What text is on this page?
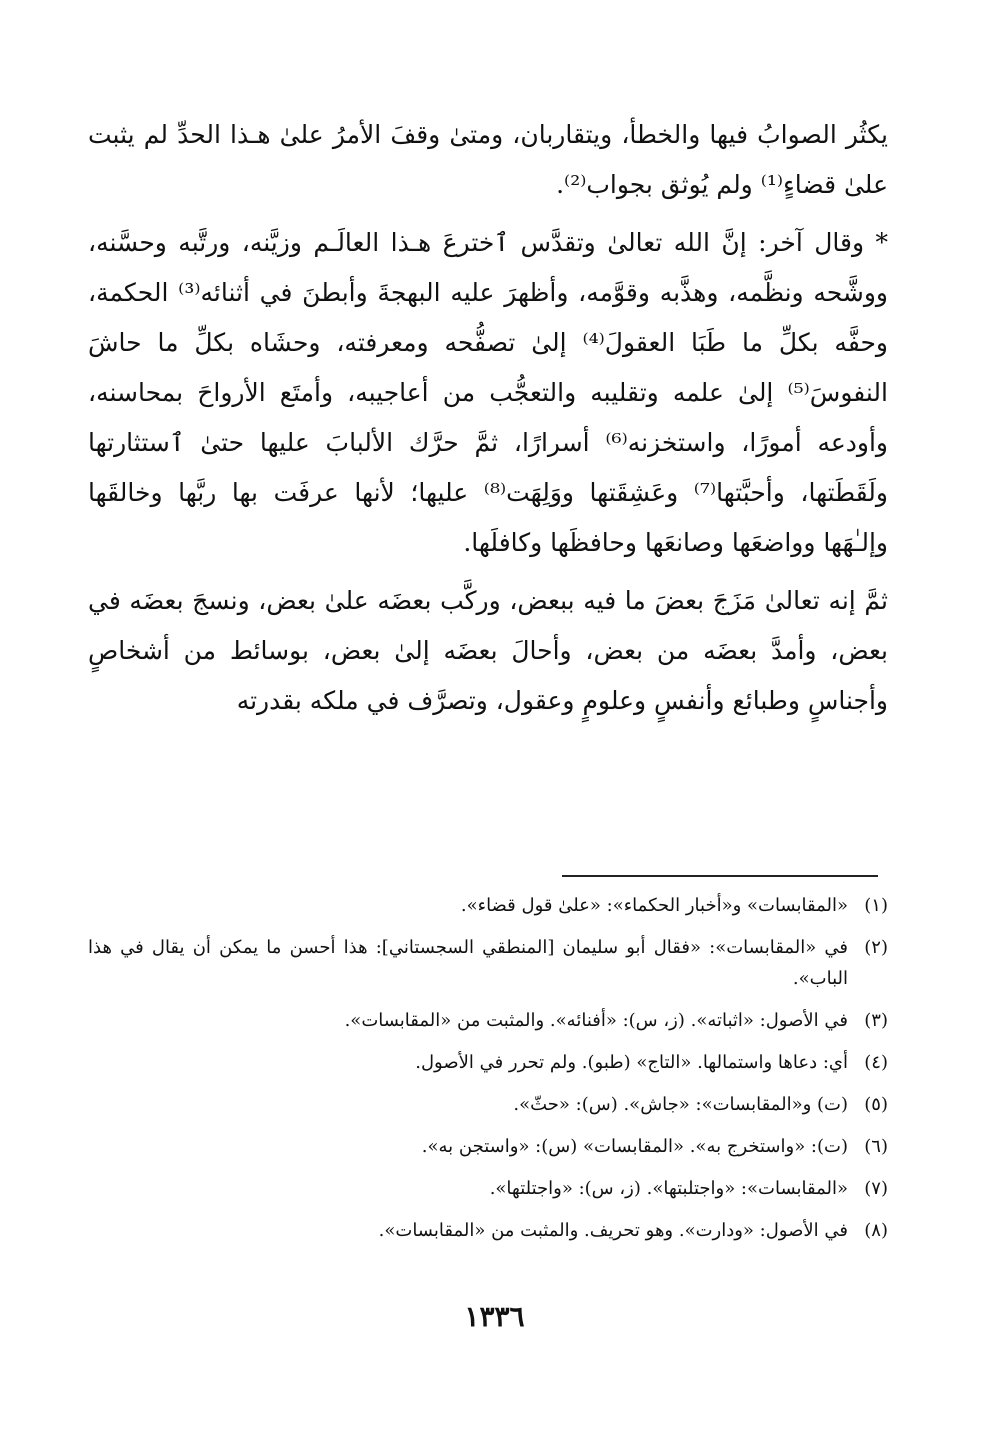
يكثُر الصوابُ فيها والخطأ، ويتقاربان، ومتىٰ وقفَ الأمرُ علىٰ هـذا الحدِّ لم يثبت علىٰ قضاءٍ⁽¹⁾ ولم يُوثق بجواب⁽²⁾.

* وقال آخر: إنَّ الله تعالىٰ وتقدَّس ٱخترعَ هـذا العالَـم وزيَّنه، ورتَّبه وحسَّنه، ووشَّحه ونظَّمه، وهذَّبه وقوَّمه، وأظهرَ عليه البهجةَ وأبطنَ في أثنائه⁽³⁾ الحكمة، وحفَّه بكلِّ ما طَبَا العقولَ⁽⁴⁾ إلىٰ تصفُّحه ومعرفته، وحشَاه بكلِّ ما حاشَ النفوسَ⁽⁵⁾ إلىٰ علمه وتقليبه والتعجُّب من أعاجيبه، وأمتَع الأرواحَ بمحاسنه، وأودعه أمورًا، واستخزنه⁽⁶⁾ أسرارًا، ثمَّ حرَّك الألبابَ عليها حتىٰ ٱستثارتها ولَقَطَتها، وأحبَّتها⁽⁷⁾ وعَشِقَتها ووَلِهَت⁽⁸⁾ عليها؛ لأنها عرفَت بها ربَّها وخالقَها وإلـٰهَها وواضعَها وصانعَها وحافظَها وكافلَها.

ثمَّ إنه تعالىٰ مَزَجَ بعضَ ما فيه ببعض، وركَّب بعضَه علىٰ بعض، ونسجَ بعضَه في بعض، وأمدَّ بعضَه من بعض، وأحالَ بعضَه إلىٰ بعض، بوسائط من أشخاصٍ وأجناسٍ وطبائع وأنفسٍ وعلومٍ وعقول، وتصرَّف في ملكه بقدرته

(١)
«المقابسات» و«أخبار الحكماء»: «علىٰ قول قضاء».
(٢)
في «المقابسات»: «فقال أبو سليمان [المنطقي السجستاني]: هذا أحسن ما يمكن أن يقال في هذا الباب».
(٣)
في الأصول: «اثباته». (ز، س): «أفنائه». والمثبت من «المقابسات».
(٤)
أي: دعاها واستمالها. «التاج» (طبو). ولم تحرر في الأصول.
(٥)
(ت) و«المقابسات»: «جاش». (س): «حثّ».
(٦)
(ت): «واستخرج به». «المقابسات» (س): «واستجن به».
(٧)
«المقابسات»: «واجتلبتها». (ز، س): «واجتلتها».
(٨)
في الأصول: «ودارت». وهو تحريف. والمثبت من «المقابسات».
١٣٣٦
